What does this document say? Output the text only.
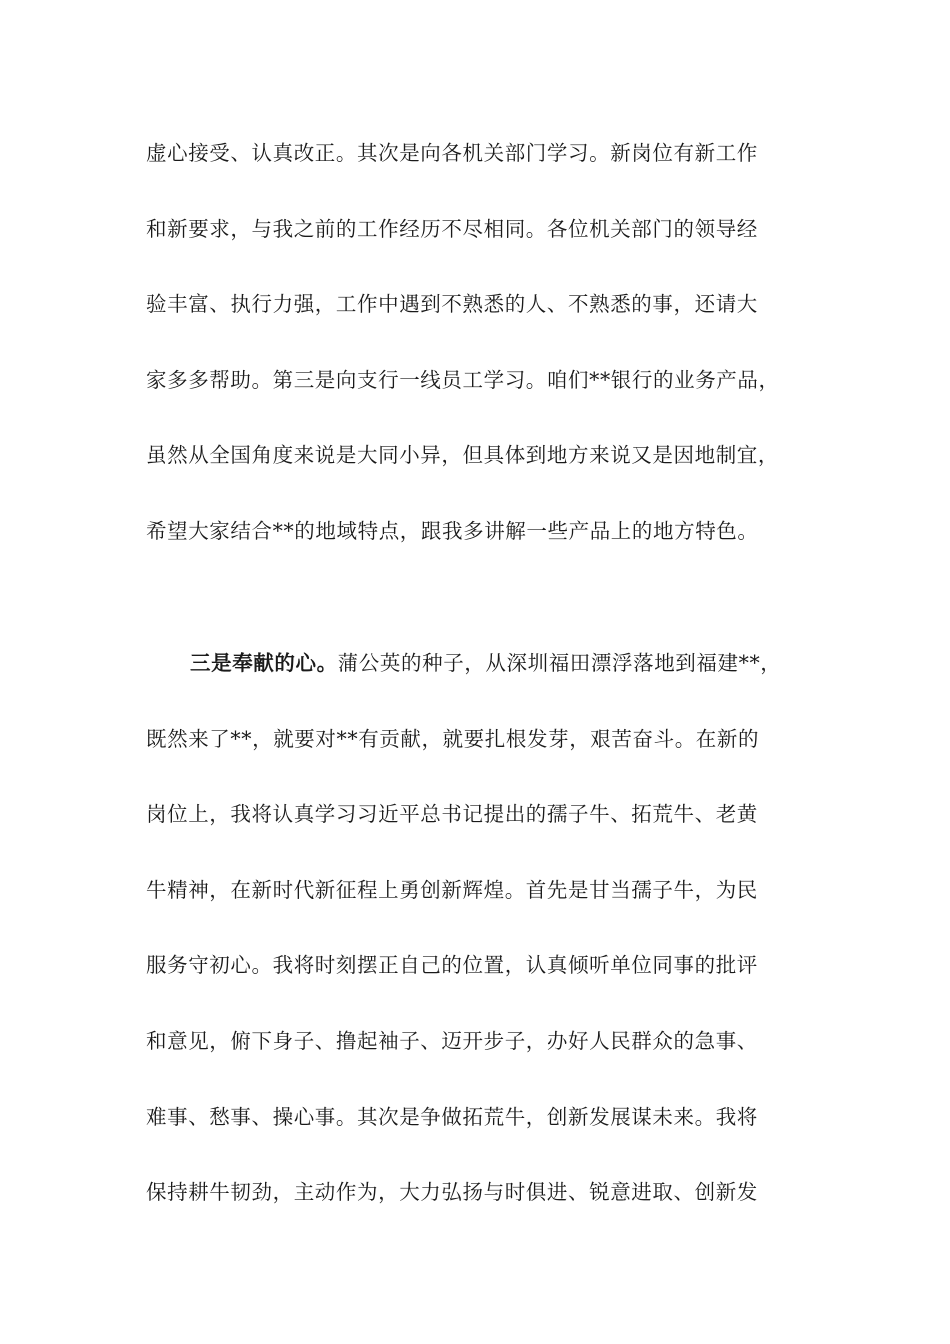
虚心接受、认真改正。其次是向各机关部门学习。新岗位有新工作
和新要求，与我之前的工作经历不尽相同。各位机关部门的领导经
验丰富、执行力强，工作中遇到不熟悉的人、不熟悉的事，还请大
家多多帮助。第三是向支行一线员工学习。咱们**银行的业务产品，
虽然从全国角度来说是大同小异，但具体到地方来说又是因地制宜，
希望大家结合**的地域特点，跟我多讲解一些产品上的地方特色。
三是奉献的心。蒲公英的种子，从深圳福田漂浮落地到福建**，
既然来了**，就要对**有贡献，就要扎根发芽，艰苦奋斗。在新的
岗位上，我将认真学习习近平总书记提出的孺子牛、拓荒牛、老黄
牛精神，在新时代新征程上勇创新辉煌。首先是甘当孺子牛，为民
服务守初心。我将时刻摆正自己的位置，认真倾听单位同事的批评
和意见，俯下身子、撸起袖子、迈开步子，办好人民群众的急事、
难事、愁事、操心事。其次是争做拓荒牛，创新发展谋未来。我将
保持耕牛韧劲，主动作为，大力弘扬与时俱进、锐意进取、创新发
